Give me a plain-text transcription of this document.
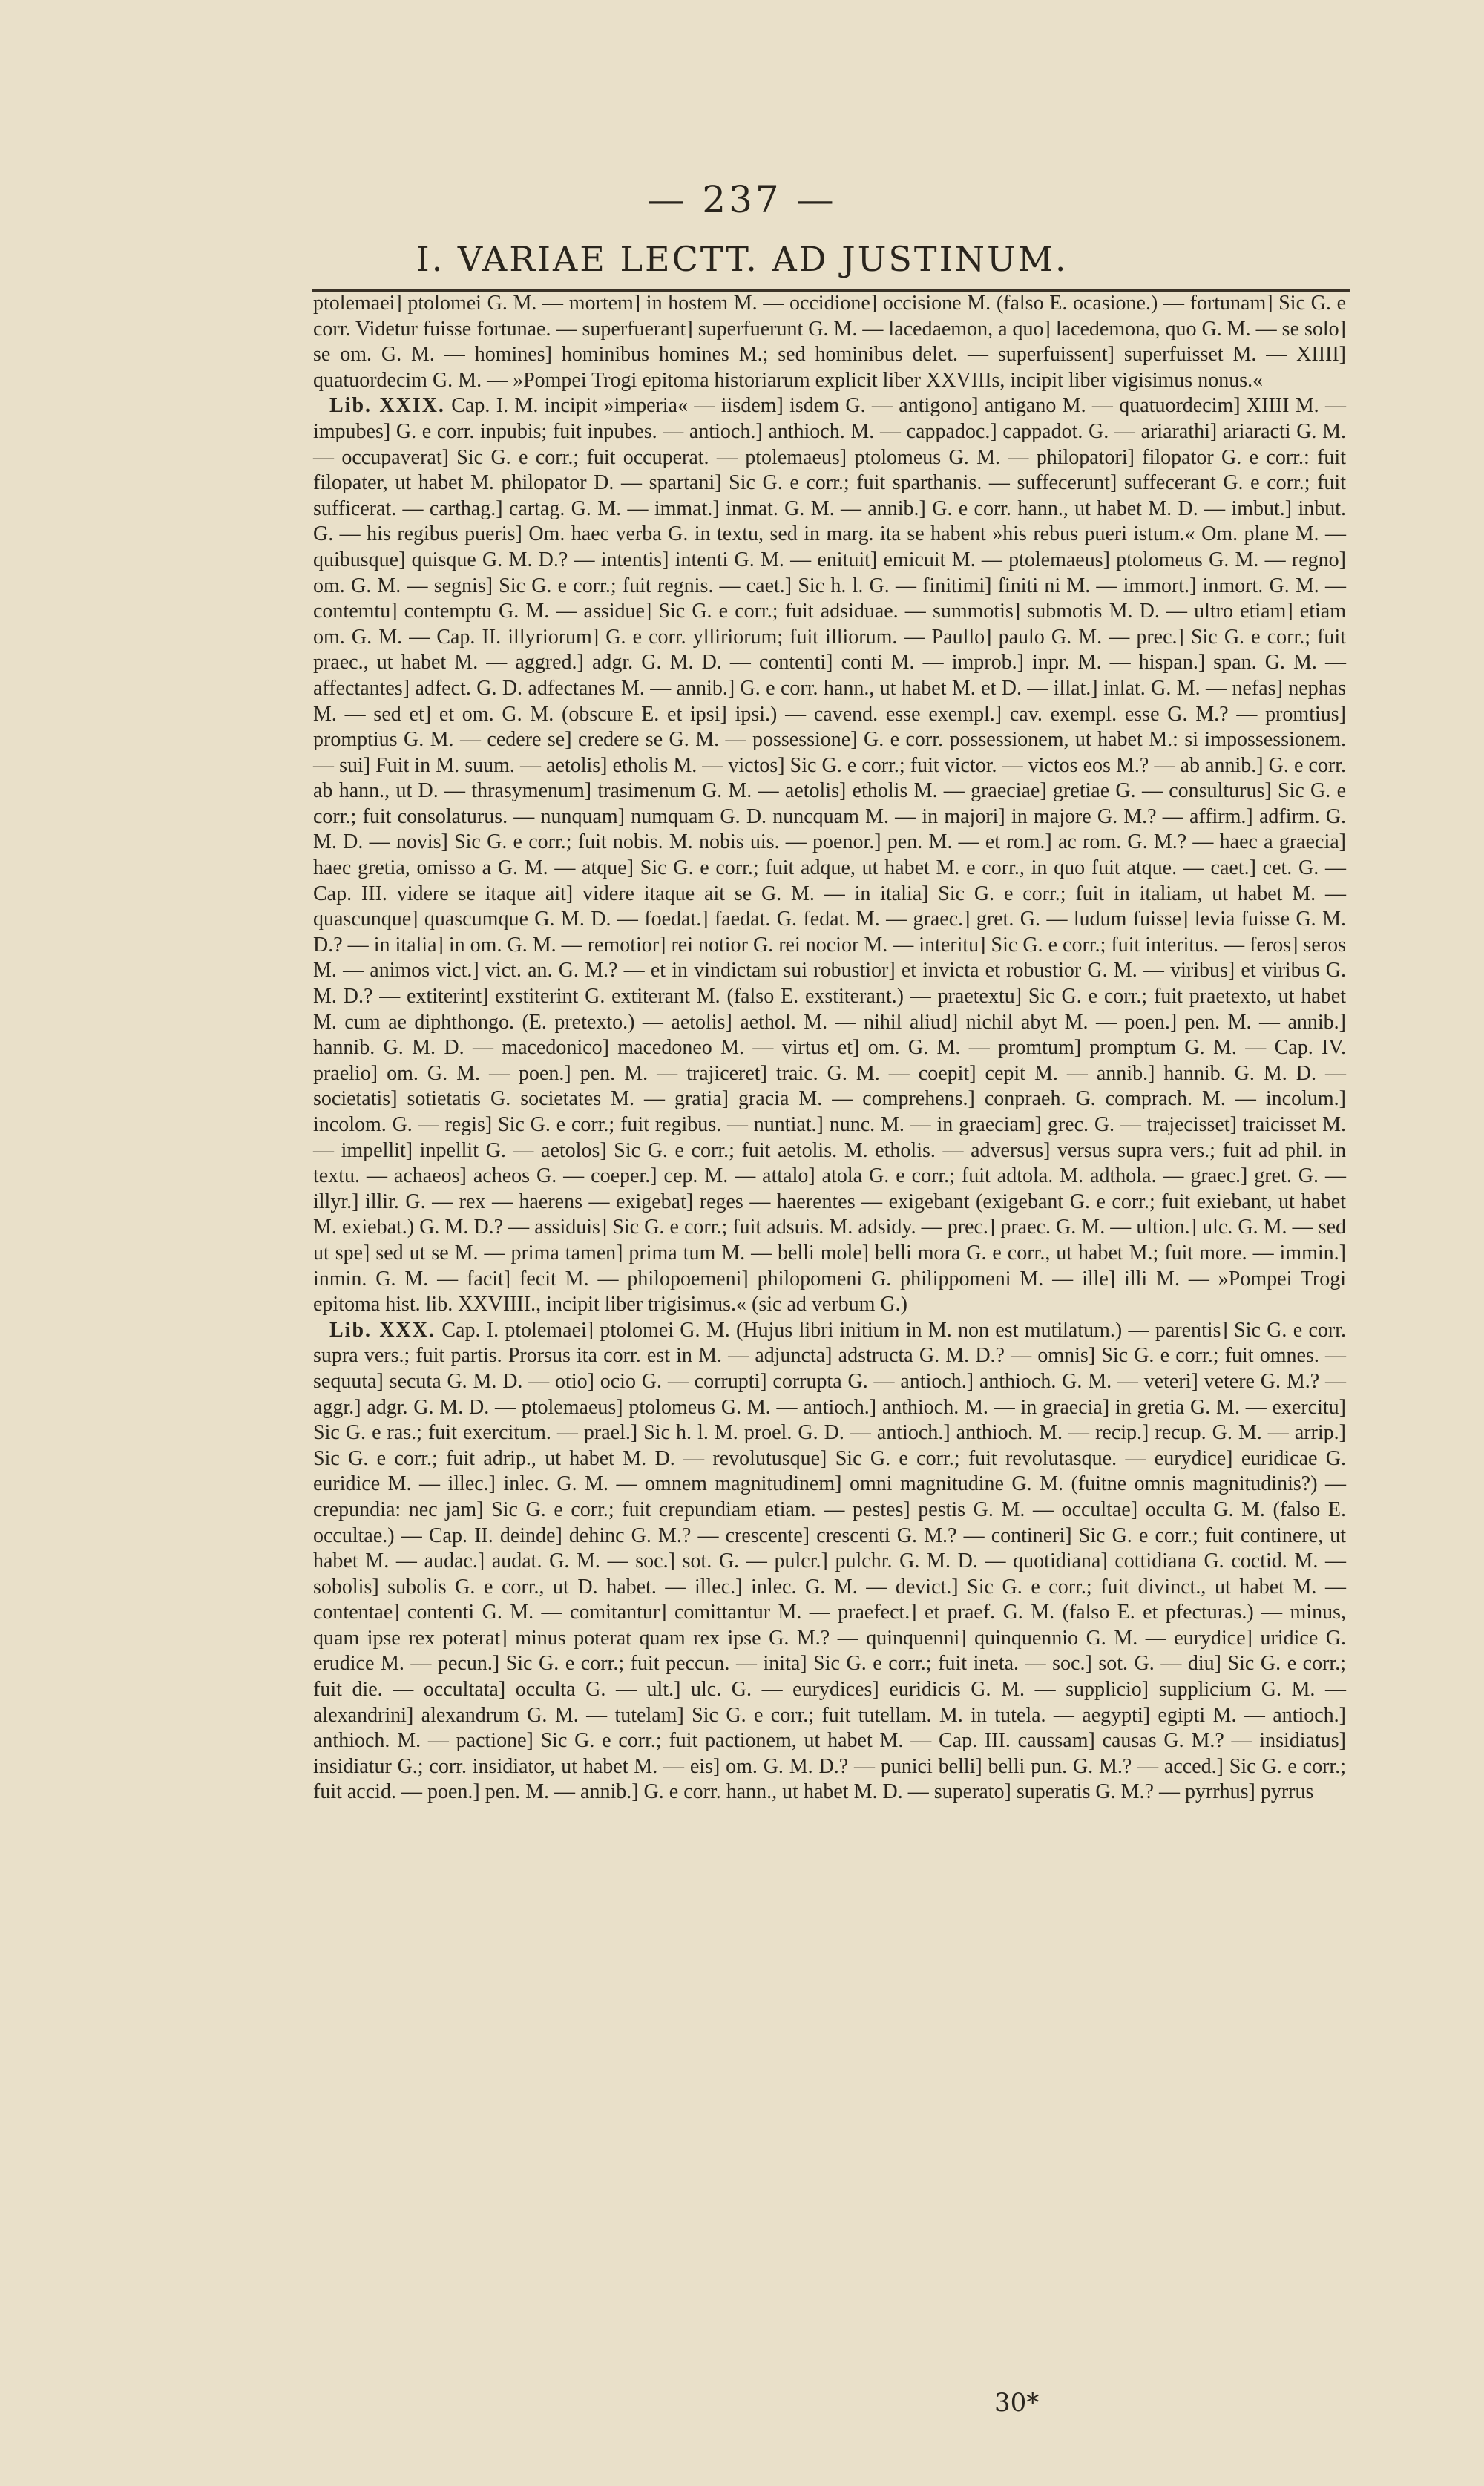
— 237 —
I. VARIAE LECTT. AD JUSTINUM.

ptolemaei] ptolomei G. M. — mortem] in hostem M. — occidione] occisione M. (falso E. ocasione.) — fortunam] Sic G. e corr. Videtur fuisse fortunae. — superfuerant] superfuerunt G. M. — lacedaemon, a quo] lacedemona, quo G. M. — se solo] se om. G. M. — homines] hominibus homines M.; sed hominibus delet. — superfuissent] superfuisset M. — XIIII] quatuordecim G. M. — »Pompei Trogi epitoma historiarum explicit liber XXVIIIs, incipit liber vigisimus nonus.«

Lib. XXIX. Cap. I. M. incipit »imperia« — iisdem] isdem G. — antigono] antigano M. — quatuordecim] XIIII M. — impubes] G. e corr. inpubis; fuit inpubes. — antioch.] anthioch. M. — cappadoc.] cappadot. G. — ariarathi] ariaracti G. M. — occupaverat] Sic G. e corr.; fuit occuperat. — ptolemaeus] ptolomeus G. M. — philopatori] filopator G. e corr.: fuit filopater, ut habet M. philopator D. — spartani] Sic G. e corr.; fuit sparthanis. — suffecerunt] suffecerant G. e corr.; fuit sufficerat. — carthag.] cartag. G. M. — immat.] inmat. G. M. — annib.] G. e corr. hann., ut habet M. D. — imbut.] inbut. G. — his regibus pueris] Om. haec verba G. in textu, sed in marg. ita se habent »his rebus pueri istum.« Om. plane M. — quibusque] quisque G. M. D.? — intentis] intenti G. M. — enituit] emicuit M. — ptolemaeus] ptolomeus G. M. — regno] om. G. M. — segnis] Sic G. e corr.; fuit regnis. — caet.] Sic h. l. G. — finitimi] finiti ni M. — immort.] inmort. G. M. — contemtu] contemptu G. M. — assidue] Sic G. e corr.; fuit adsiduae. — summotis] submotis M. D. — ultro etiam] etiam om. G. M. — Cap. II. illyriorum] G. e corr. ylliriorum; fuit illiorum. — Paullo] paulo G. M. — prec.] Sic G. e corr.; fuit praec., ut habet M. — aggred.] adgr. G. M. D. — contenti] conti M. — improb.] inpr. M. — hispan.] span. G. M. — affectantes] adfect. G. D. adfectanes M. — annib.] G. e corr. hann., ut habet M. et D. — illat.] inlat. G. M. — nefas] nephas M. — sed et] et om. G. M. (obscure E. et ipsi] ipsi.) — cavend. esse exempl.] cav. exempl. esse G. M.? — promtius] promptius G. M. — cedere se] credere se G. M. — possessione] G. e corr. possessionem, ut habet M.: si impossessionem. — sui] Fuit in M. suum. — aetolis] etholis M. — victos] Sic G. e corr.; fuit victor. — victos eos M.? — ab annib.] G. e corr. ab hann., ut D. — thrasymenum] trasimenum G. M. — aetolis] etholis M. — graeciae] gretiae G. — consulturus] Sic G. e corr.; fuit consolaturus. — nunquam] numquam G. D. nuncquam M. — in majori] in majore G. M.? — affirm.] adfirm. G. M. D. — novis] Sic G. e corr.; fuit nobis. M. nobis uis. — poenor.] pen. M. — et rom.] ac rom. G. M.? — haec a graecia] haec gretia, omisso a G. M. — atque] Sic G. e corr.; fuit adque, ut habet M. e corr., in quo fuit atque. — caet.] cet. G. — Cap. III. videre se itaque ait] videre itaque ait se G. M. — in italia] Sic G. e corr.; fuit in italiam, ut habet M. — quascunque] quascumque G. M. D. — foedat.] faedat. G. fedat. M. — graec.] gret. G. — ludum fuisse] levia fuisse G. M. D.? — in italia] in om. G. M. — remotior] rei notior G. rei nocior M. — interitu] Sic G. e corr.; fuit interitus. — feros] seros M. — animos vict.] vict. an. G. M.? — et in vindictam sui robustior] et invicta et robustior G. M. — viribus] et viribus G. M. D.? — extiterint] exstiterint G. extiterant M. (falso E. exstiterant.) — praetextu] Sic G. e corr.; fuit praetexto, ut habet M. cum ae diphthongo. (E. pretexto.) — aetolis] aethol. M. — nihil aliud] nichil abyt M. — poen.] pen. M. — annib.] hannib. G. M. D. — macedonico] macedoneo M. — virtus et] om. G. M. — promtum] promptum G. M. — Cap. IV. praelio] om. G. M. — poen.] pen. M. — trajiceret] traic. G. M. — coepit] cepit M. — annib.] hannib. G. M. D. — societatis] sotietatis G. societates M. — gratia] gracia M. — comprehens.] conpraeh. G. comprach. M. — incolum.] incolom. G. — regis] Sic G. e corr.; fuit regibus. — nuntiat.] nunc. M. — in graeciam] grec. G. — trajecisset] traicisset M. — impellit] inpellit G. — aetolos] Sic G. e corr.; fuit aetolis. M. etholis. — adversus] versus supra vers.; fuit ad phil. in textu. — achaeos] acheos G. — coeper.] cep. M. — attalo] atola G. e corr.; fuit adtola. M. adthola. — graec.] gret. G. — illyr.] illir. G. — rex — haerens — exigebat] reges — haerentes — exigebant (exigebant G. e corr.; fuit exiebant, ut habet M. exiebat.) G. M. D.? — assiduis] Sic G. e corr.; fuit adsuis. M. adsidy. — prec.] praec. G. M. — ultion.] ulc. G. M. — sed ut spe] sed ut se M. — prima tamen] prima tum M. — belli mole] belli mora G. e corr., ut habet M.; fuit more. — immin.] inmin. G. M. — facit] fecit M. — philopoemeni] philopomeni G. philippomeni M. — ille] illi M. — »Pompei Trogi epitoma hist. lib. XXVIIII., incipit liber trigisimus.« (sic ad verbum G.)

Lib. XXX. Cap. I. ptolemaei] ptolomei G. M. (Hujus libri initium in M. non est mutilatum.) — parentis] Sic G. e corr. supra vers.; fuit partis. Prorsus ita corr. est in M. — adjuncta] adstructa G. M. D.? — omnis] Sic G. e corr.; fuit omnes. — sequuta] secuta G. M. D. — otio] ocio G. — corrupti] corrupta G. — antioch.] anthioch. G. M. — veteri] vetere G. M.? — aggr.] adgr. G. M. D. — ptolemaeus] ptolomeus G. M. — antioch.] anthioch. M. — in graecia] in gretia G. M. — exercitu] Sic G. e ras.; fuit exercitum. — prael.] Sic h. l. M. proel. G. D. — antioch.] anthioch. M. — recip.] recup. G. M. — arrip.] Sic G. e corr.; fuit adrip., ut habet M. D. — revolutusque] Sic G. e corr.; fuit revolutasque. — eurydice] euridicae G. euridice M. — illec.] inlec. G. M. — omnem magnitudinem] omni magnitudine G. M. (fuitne omnis magnitudinis?) — crepundia: nec jam] Sic G. e corr.; fuit crepundiam etiam. — pestes] pestis G. M. — occultae] occulta G. M. (falso E. occultae.) — Cap. II. deinde] dehinc G. M.? — crescente] crescenti G. M.? — contineri] Sic G. e corr.; fuit continere, ut habet M. — audac.] audat. G. M. — soc.] sot. G. — pulcr.] pulchr. G. M. D. — quotidiana] cottidiana G. coctid. M. — sobolis] subolis G. e corr., ut D. habet. — illec.] inlec. G. M. — devict.] Sic G. e corr.; fuit divinct., ut habet M. — contentae] contenti G. M. — comitantur] comittantur M. — praefect.] et praef. G. M. (falso E. et pfecturas.) — minus, quam ipse rex poterat] minus poterat quam rex ipse G. M.? — quinquenni] quinquennio G. M. — eurydice] uridice G. erudice M. — pecun.] Sic G. e corr.; fuit peccun. — inita] Sic G. e corr.; fuit ineta. — soc.] sot. G. — diu] Sic G. e corr.; fuit die. — occultata] occulta G. — ult.] ulc. G. — eurydices] euridicis G. M. — supplicio] supplicium G. M. — alexandrini] alexandrum G. M. — tutelam] Sic G. e corr.; fuit tutellam. M. in tutela. — aegypti] egipti M. — antioch.] anthioch. M. — pactione] Sic G. e corr.; fuit pactionem, ut habet M. — Cap. III. caussam] causas G. M.? — insidiatus] insidiatur G.; corr. insidiator, ut habet M. — eis] om. G. M. D.? — punici belli] belli pun. G. M.? — acced.] Sic G. e corr.; fuit accid. — poen.] pen. M. — annib.] G. e corr. hann., ut habet M. D. — superato] superatis G. M.? — pyrrhus] pyrrus

30*
